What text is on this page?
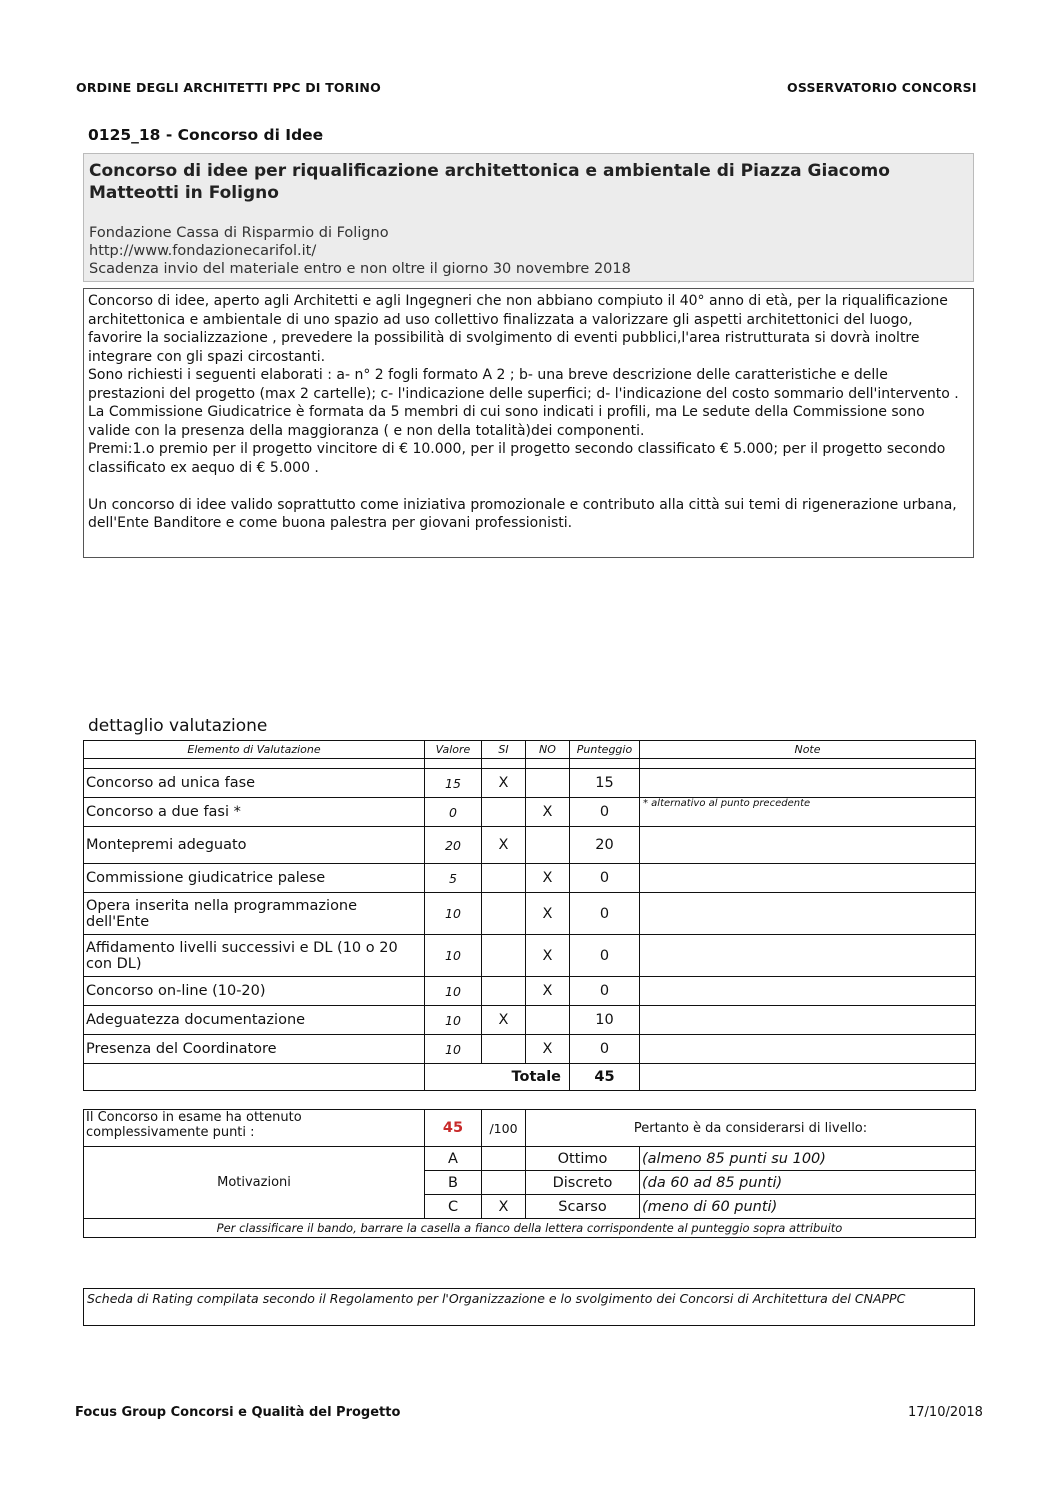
ORDINE DEGLI ARCHITETTI PPC DI TORINO	OSSERVATORIO CONCORSI
0125_18 - Concorso di Idee
Concorso di idee per riqualificazione architettonica e ambientale di Piazza Giacomo Matteotti in Foligno
Fondazione Cassa di Risparmio di Foligno
http://www.fondazionecarifol.it/
Scadenza invio del materiale entro e non oltre il giorno 30 novembre 2018

Concorso di idee, aperto agli Architetti e agli Ingegneri che non abbiano compiuto il 40° anno di età, per la riqualificazione architettonica e ambientale di uno spazio ad uso collettivo finalizzata a valorizzare gli aspetti architettonici del luogo, favorire la socializzazione , prevedere la possibilità di svolgimento di eventi pubblici,l'area ristrutturata si dovrà inoltre integrare con gli spazi circostanti.

Sono richiesti i seguenti elaborati : a- n° 2 fogli formato A 2 ; b- una breve descrizione delle caratteristiche e delle prestazioni del progetto (max 2 cartelle); c- l'indicazione delle superfici; d- l'indicazione del costo sommario dell'intervento .

La Commissione Giudicatrice è formata da 5 membri di cui sono indicati i profili, ma Le sedute della Commissione sono valide con la presenza della maggioranza ( e non della totalità)dei componenti.

Premi:1.o premio per il progetto vincitore di € 10.000, per il progetto secondo classificato € 5.000; per il progetto secondo classificato ex aequo di € 5.000 .

Un concorso di idee valido soprattutto come iniziativa promozionale e contributo alla città sui temi di rigenerazione urbana, dell'Ente Banditore e come buona palestra per giovani professionisti.

dettaglio valutazione
Elemento di Valutazione	Valore	SI	NO	Punteggio	Note

Concorso ad unica fase	15	X		15	
Concorso a due fasi *	0		X	0	* alternativo al punto precedente
Montepremi adeguato	20	X		20	
Commissione giudicatrice palese	5		X	0	
Opera inserita nella programmazione dell'Ente	10		X	0	
Affidamento livelli successivi e DL (10 o 20 con DL)	10		X	0	
Concorso on-line (10-20)	10		X	0	
Adeguatezza documentazione	10	X		10	
Presenza del Coordinatore	10		X	0	
	Totale			45	
Il Concorso in esame ha ottenuto complessivamente punti :	45	/100	Pertanto è da considerarsi di livello:	
Motivazioni	A		Ottimo	(almeno 85 punti su 100)
	B		Discreto	(da 60 ad 85 punti)
	C	X	Scarso	(meno di 60 punti)
Per classificare il bando, barrare la casella a fianco della lettera corrispondente al punteggio sopra attribuito				
Scheda di Rating compilata secondo il Regolamento per l'Organizzazione e lo svolgimento dei Concorsi di Architettura del CNAPPC
Focus Group Concorsi e Qualità del Progetto	17/10/2018
